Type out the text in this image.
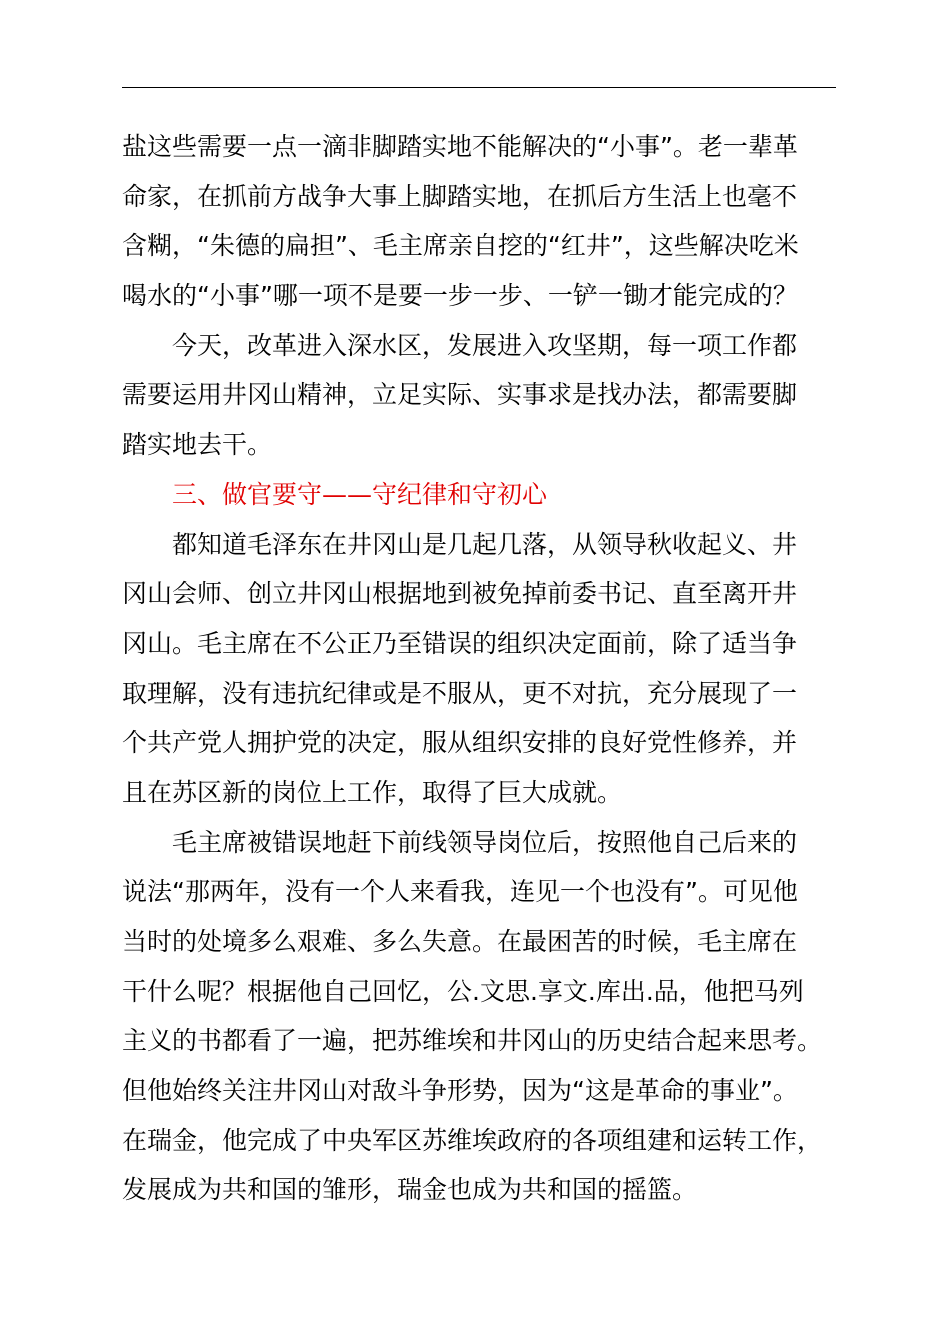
盐这些需要一点一滴非脚踏实地不能解决的“小事”。老一辈革
命家，在抓前方战争大事上脚踏实地，在抓后方生活上也毫不
含糊，“朱德的扁担”、毛主席亲自挖的“红井”，这些解决吃米
喝水的“小事”哪一项不是要一步一步、一铲一锄才能完成的？
今天，改革进入深水区，发展进入攻坚期，每一项工作都
需要运用井冈山精神，立足实际、实事求是找办法，都需要脚
踏实地去干。
三、做官要守——守纪律和守初心
都知道毛泽东在井冈山是几起几落，从领导秋收起义、井
冈山会师、创立井冈山根据地到被免掉前委书记、直至离开井
冈山。毛主席在不公正乃至错误的组织决定面前，除了适当争
取理解，没有违抗纪律或是不服从，更不对抗，充分展现了一
个共产党人拥护党的决定，服从组织安排的良好党性修养，并
且在苏区新的岗位上工作，取得了巨大成就。
毛主席被错误地赶下前线领导岗位后，按照他自己后来的
说法“那两年，没有一个人来看我，连见一个也没有”。可见他
当时的处境多么艰难、多么失意。在最困苦的时候，毛主席在
干什么呢？根据他自己回忆，公.文思.享文.库出.品，他把马列
主义的书都看了一遍，把苏维埃和井冈山的历史结合起来思考。
但他始终关注井冈山对敌斗争形势，因为“这是革命的事业”。
在瑞金，他完成了中央军区苏维埃政府的各项组建和运转工作，
发展成为共和国的雏形，瑞金也成为共和国的摇篮。
